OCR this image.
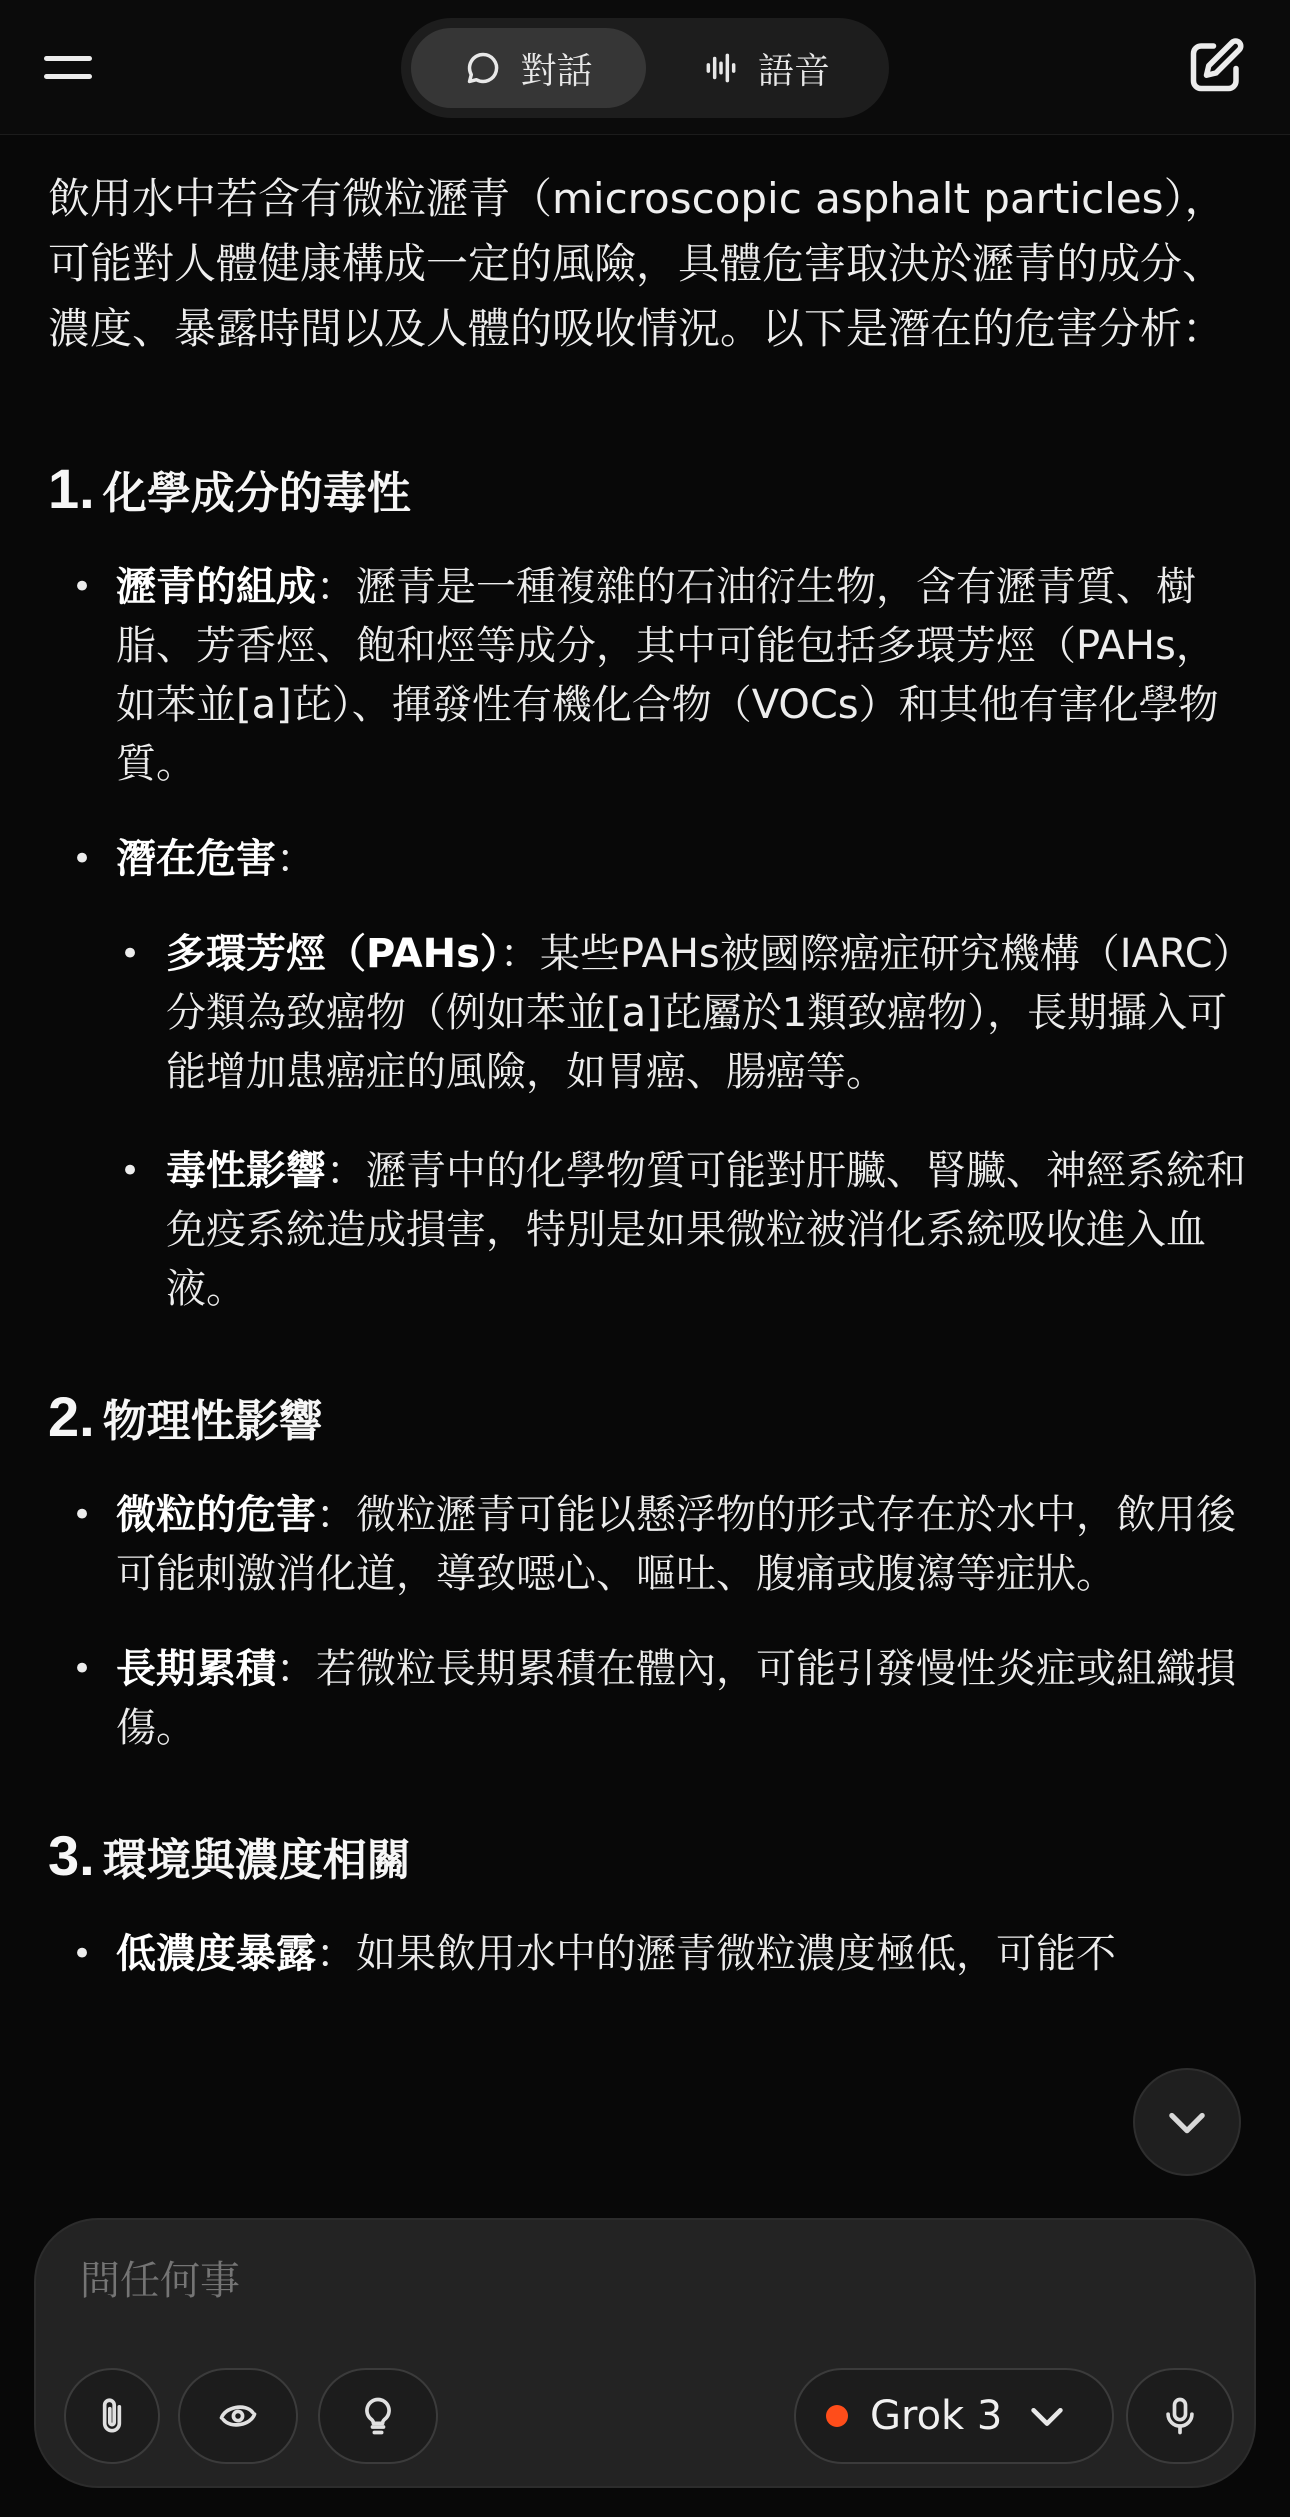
對話	語音

飲用水中若含有微粒瀝青（microscopic asphalt particles），可能對人體健康構成一定的風險，具體危害取決於瀝青的成分、濃度、暴露時間以及人體的吸收情況。以下是潛在的危害分析：

1. 化學成分的毒性
• 瀝青的組成：瀝青是一種複雜的石油衍生物，含有瀝青質、樹脂、芳香烴、飽和烴等成分，其中可能包括多環芳烴（PAHs，如苯並[a]芘）、揮發性有機化合物（VOCs）和其他有害化學物質。
• 潛在危害：
• 多環芳烴（PAHs）：某些PAHs被國際癌症研究機構（IARC）分類為致癌物（例如苯並[a]芘屬於1類致癌物），長期攝入可能增加患癌症的風險，如胃癌、腸癌等。
• 毒性影響：瀝青中的化學物質可能對肝臟、腎臟、神經系統和免疫系統造成損害，特別是如果微粒被消化系統吸收進入血液。
2. 物理性影響
• 微粒的危害：微粒瀝青可能以懸浮物的形式存在於水中，飲用後可能刺激消化道，導致噁心、嘔吐、腹痛或腹瀉等症狀。
• 長期累積：若微粒長期累積在體內，可能引發慢性炎症或組織損傷。
3. 環境與濃度相關
• 低濃度暴露：如果飲用水中的瀝青微粒濃度極低，可能不
問任何事
Grok 3
